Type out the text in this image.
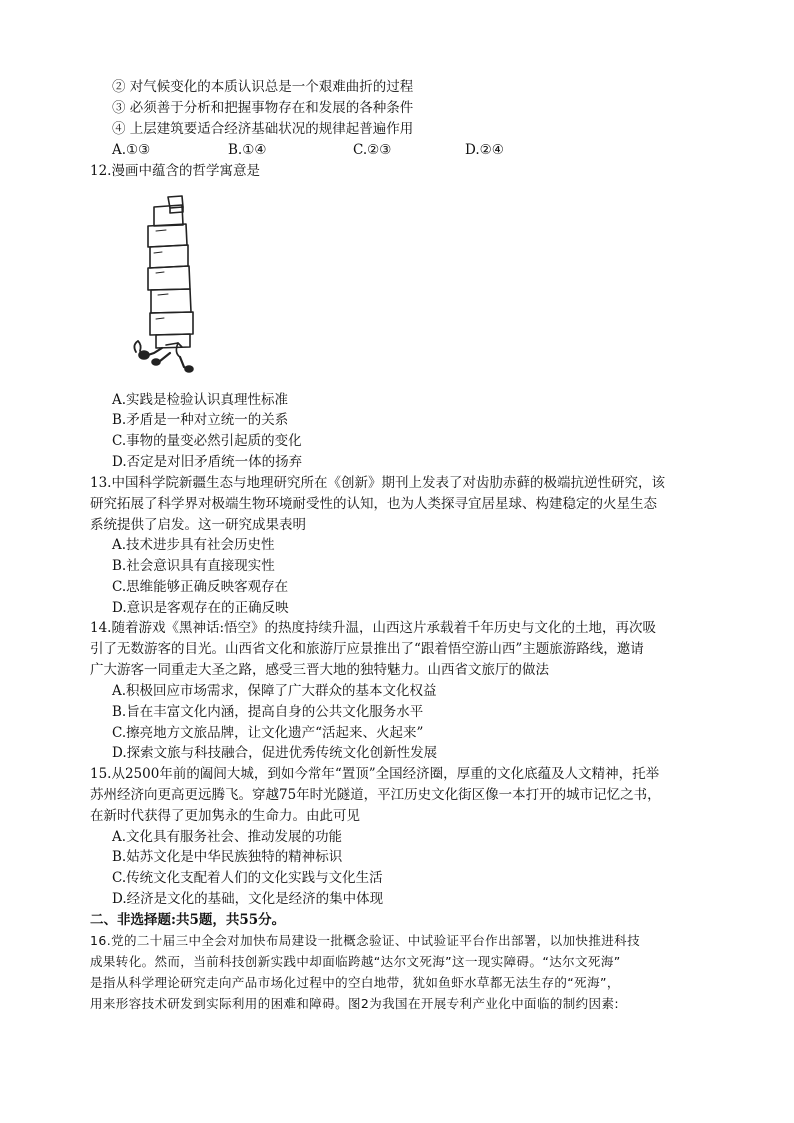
② 对气候变化的本质认识总是一个艰难曲折的过程
③ 必须善于分析和把握事物存在和发展的各种条件
④ 上层建筑要适合经济基础状况的规律起普遍作用
A.①③	B.①④	C.②③	D.②④
12.漫画中蕴含的哲学寓意是
A.实践是检验认识真理性标准
B.矛盾是一种对立统一的关系
C.事物的量变必然引起质的变化
D.否定是对旧矛盾统一体的扬弃
13.中国科学院新疆生态与地理研究所在《创新》期刊上发表了对齿肋赤藓的极端抗逆性研究，该
研究拓展了科学界对极端生物环境耐受性的认知，也为人类探寻宜居星球、构建稳定的火星生态
系统提供了启发。这一研究成果表明
A.技术进步具有社会历史性
B.社会意识具有直接现实性
C.思维能够正确反映客观存在
D.意识是客观存在的正确反映
14.随着游戏《黑神话:悟空》的热度持续升温，山西这片承载着千年历史与文化的土地，再次吸
引了无数游客的目光。山西省文化和旅游厅应景推出了“跟着悟空游山西”主题旅游路线，邀请
广大游客一同重走大圣之路，感受三晋大地的独特魅力。山西省文旅厅的做法
A.积极回应市场需求，保障了广大群众的基本文化权益
B.旨在丰富文化内涵，提高自身的公共文化服务水平
C.擦亮地方文旅品牌，让文化遗产“活起来、火起来”
D.探索文旅与科技融合，促进优秀传统文化创新性发展
15.从2500年前的阖闾大城，到如今常年“置顶”全国经济圈，厚重的文化底蕴及人文精神，托举
苏州经济向更高更远腾飞。穿越75年时光隧道，平江历史文化街区像一本打开的城市记忆之书，
在新时代获得了更加隽永的生命力。由此可见
A.文化具有服务社会、推动发展的功能
B.姑苏文化是中华民族独特的精神标识
C.传统文化支配着人们的文化实践与文化生活
D.经济是文化的基础，文化是经济的集中体现
二、非选择题:共5题，共55分。
16.党的二十届三中全会对加快布局建设一批概念验证、中试验证平台作出部署，以加快推进科技
成果转化。然而，当前科技创新实践中却面临跨越“达尔文死海”这一现实障碍。“达尔文死海”
是指从科学理论研究走向产品市场化过程中的空白地带，犹如鱼虾水草都无法生存的“死海”，
用来形容技术研发到实际利用的困难和障碍。图2为我国在开展专利产业化中面临的制约因素:
